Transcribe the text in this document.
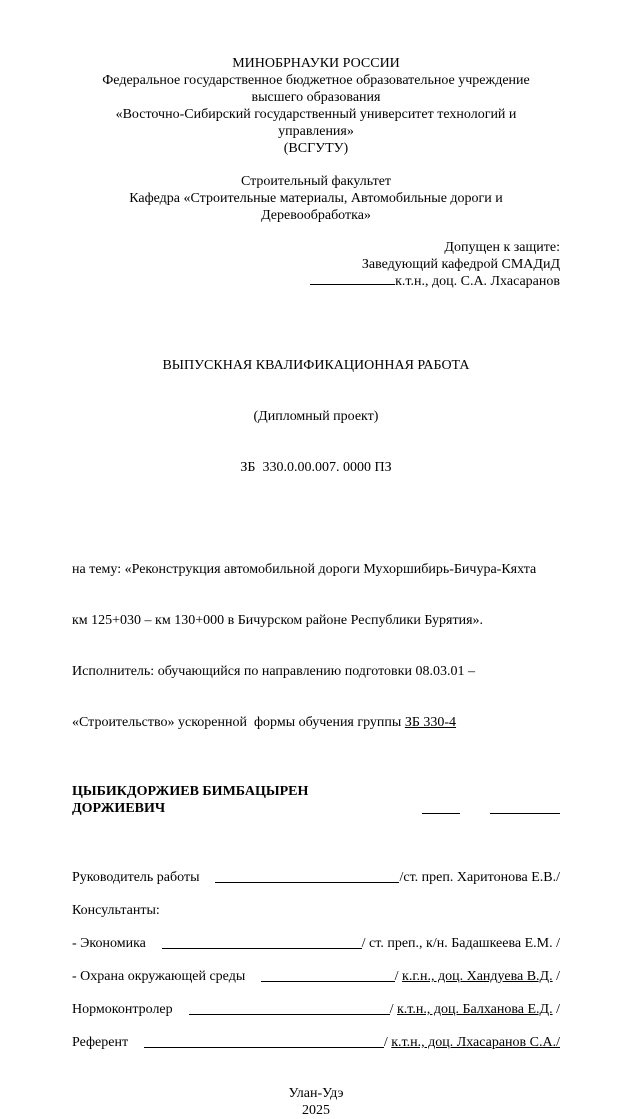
МИНОБРНАУКИ РОССИИ
Федеральное государственное бюджетное образовательное учреждение
высшего образования
«Восточно-Сибирский государственный университет технологий и
управления»
(ВСГУТУ)
Строительный факультет
Кафедра «Строительные материалы, Автомобильные дороги и
Деревообработка»
Допущен к защите:
Заведующий кафедрой СМАДиД
к.т.н., доц. С.А. Лхасаранов

ВЫПУСКНАЯ КВАЛИФИКАЦИОННАЯ РАБОТА

(Дипломный проект)

ЗБ  330.0.00.007. 0000 ПЗ

на тему: «Реконструкция автомобильной дороги Мухоршибирь-Бичура-Кяхта

км 125+030 – км 130+000 в Бичурском районе Республики Бурятия».

Исполнитель: обучающийся по направлению подготовки 08.03.01 –

«Строительство» ускоренной  формы обучения группы ЗБ 330-4

ЦЫБИКДОРЖИЕВ БИМБАЦЫРЕН ДОРЖИЕВИЧ
Руководитель работы	/ст. преп. Харитонова Е.В./
Консультанты:
- Экономика	/ ст. преп., к/н. Бадашкеева Е.М. /
- Охрана окружающей среды	/ к.г.н., доц. Хандуева В.Д. /
Нормоконтролер	/ к.т.н., доц. Балханова Е.Д. /
Референт	/ к.т.н., доц. Лхасаранов С.А./
Улан-Удэ
2025
